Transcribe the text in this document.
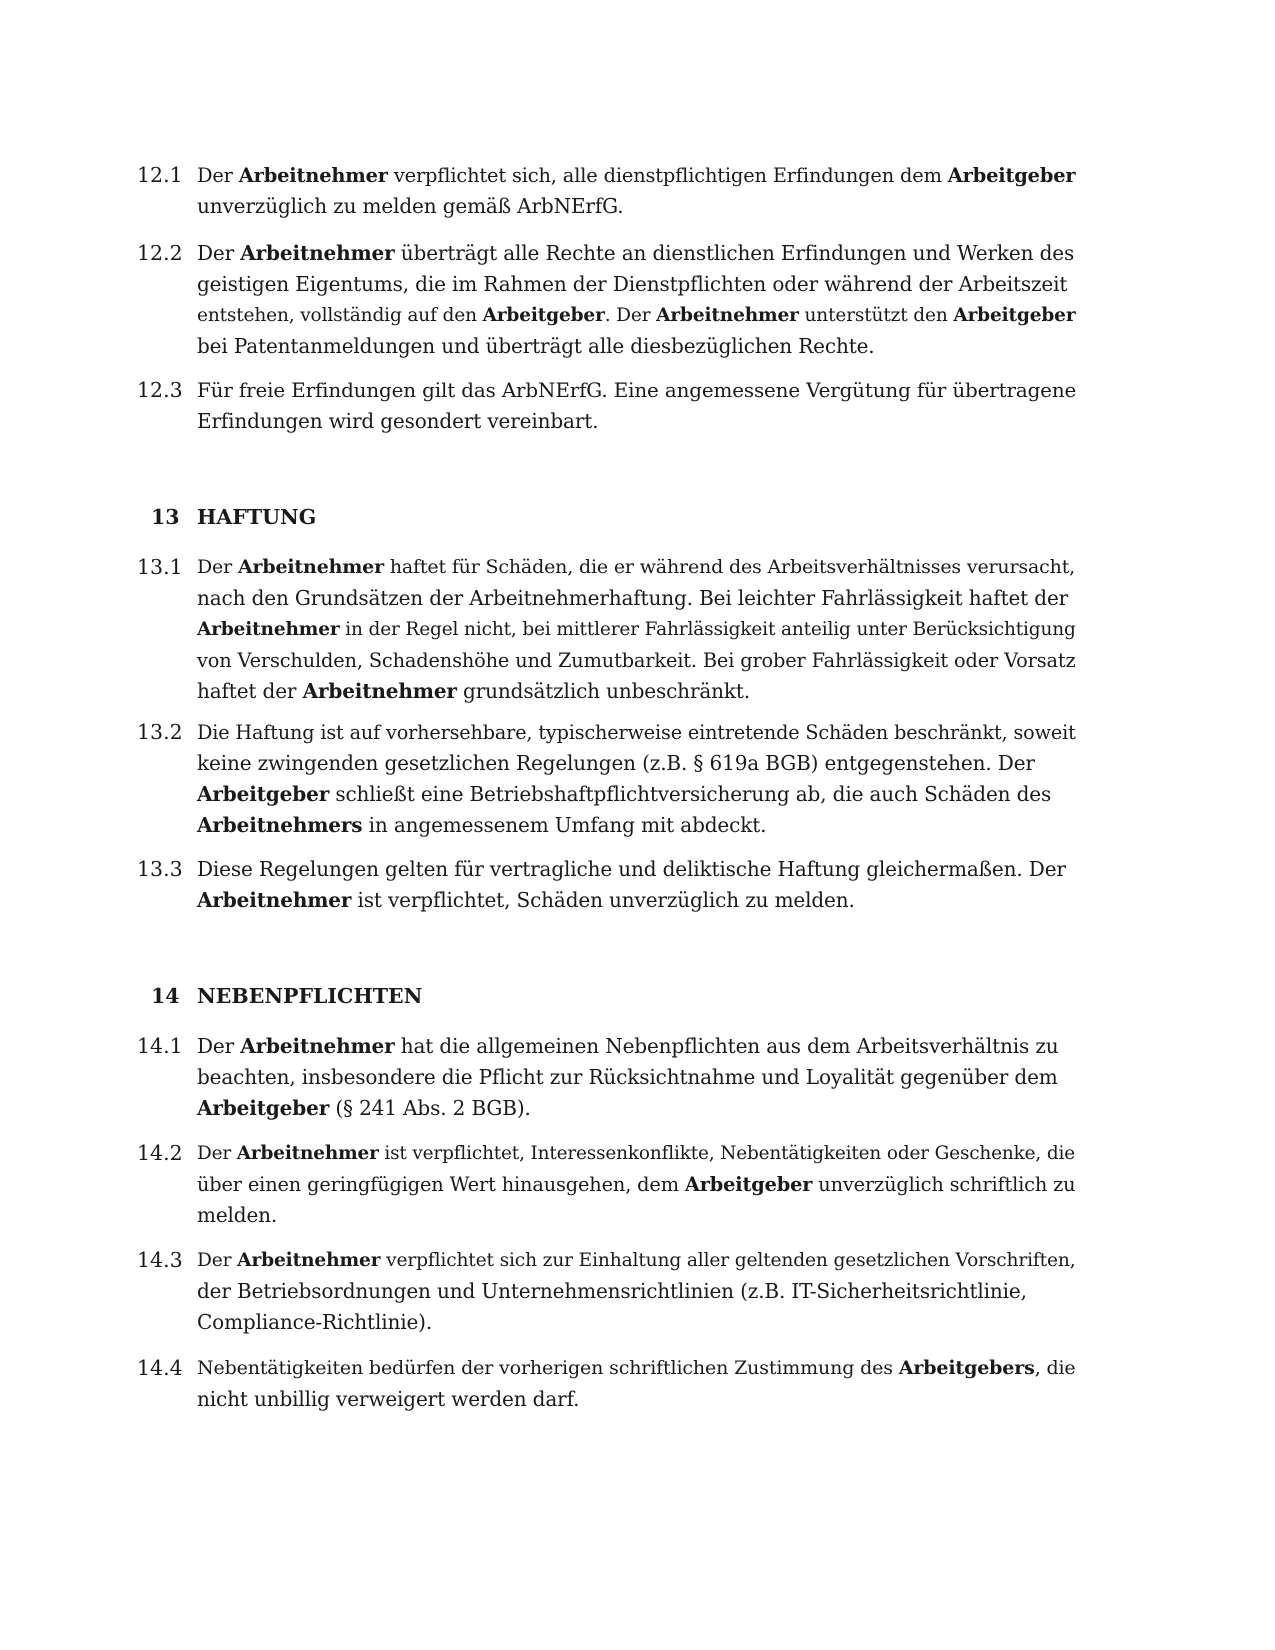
12.1 Der Arbeitnehmer verpflichtet sich, alle dienstpflichtigen Erfindungen dem Arbeitgeber
unverzüglich zu melden gemäß ArbNErfG.
12.2 Der Arbeitnehmer überträgt alle Rechte an dienstlichen Erfindungen und Werken des
geistigen Eigentums, die im Rahmen der Dienstpflichten oder während der Arbeitszeit
entstehen, vollständig auf den Arbeitgeber. Der Arbeitnehmer unterstützt den Arbeitgeber
bei Patentanmeldungen und überträgt alle diesbezüglichen Rechte.
12.3 Für freie Erfindungen gilt das ArbNErfG. Eine angemessene Vergütung für übertragene
Erfindungen wird gesondert vereinbart.
13 HAFTUNG
13.1 Der Arbeitnehmer haftet für Schäden, die er während des Arbeitsverhältnisses verursacht,
nach den Grundsätzen der Arbeitnehmerhaftung. Bei leichter Fahrlässigkeit haftet der
Arbeitnehmer in der Regel nicht, bei mittlerer Fahrlässigkeit anteilig unter Berücksichtigung
von Verschulden, Schadenshöhe und Zumutbarkeit. Bei grober Fahrlässigkeit oder Vorsatz
haftet der Arbeitnehmer grundsätzlich unbeschränkt.
13.2 Die Haftung ist auf vorhersehbare, typischerweise eintretende Schäden beschränkt, soweit
keine zwingenden gesetzlichen Regelungen (z.B. § 619a BGB) entgegenstehen. Der
Arbeitgeber schließt eine Betriebshaftpflichtversicherung ab, die auch Schäden des
Arbeitnehmers in angemessenem Umfang mit abdeckt.
13.3 Diese Regelungen gelten für vertragliche und deliktische Haftung gleichermaßen. Der
Arbeitnehmer ist verpflichtet, Schäden unverzüglich zu melden.
14 NEBENPFLICHTEN
14.1 Der Arbeitnehmer hat die allgemeinen Nebenpflichten aus dem Arbeitsverhältnis zu
beachten, insbesondere die Pflicht zur Rücksichtnahme und Loyalität gegenüber dem
Arbeitgeber (§ 241 Abs. 2 BGB).
14.2 Der Arbeitnehmer ist verpflichtet, Interessenkonflikte, Nebentätigkeiten oder Geschenke, die
über einen geringfügigen Wert hinausgehen, dem Arbeitgeber unverzüglich schriftlich zu
melden.
14.3 Der Arbeitnehmer verpflichtet sich zur Einhaltung aller geltenden gesetzlichen Vorschriften,
der Betriebsordnungen und Unternehmensrichtlinien (z.B. IT-Sicherheitsrichtlinie,
Compliance-Richtlinie).
14.4 Nebentätigkeiten bedürfen der vorherigen schriftlichen Zustimmung des Arbeitgebers, die
nicht unbillig verweigert werden darf.
